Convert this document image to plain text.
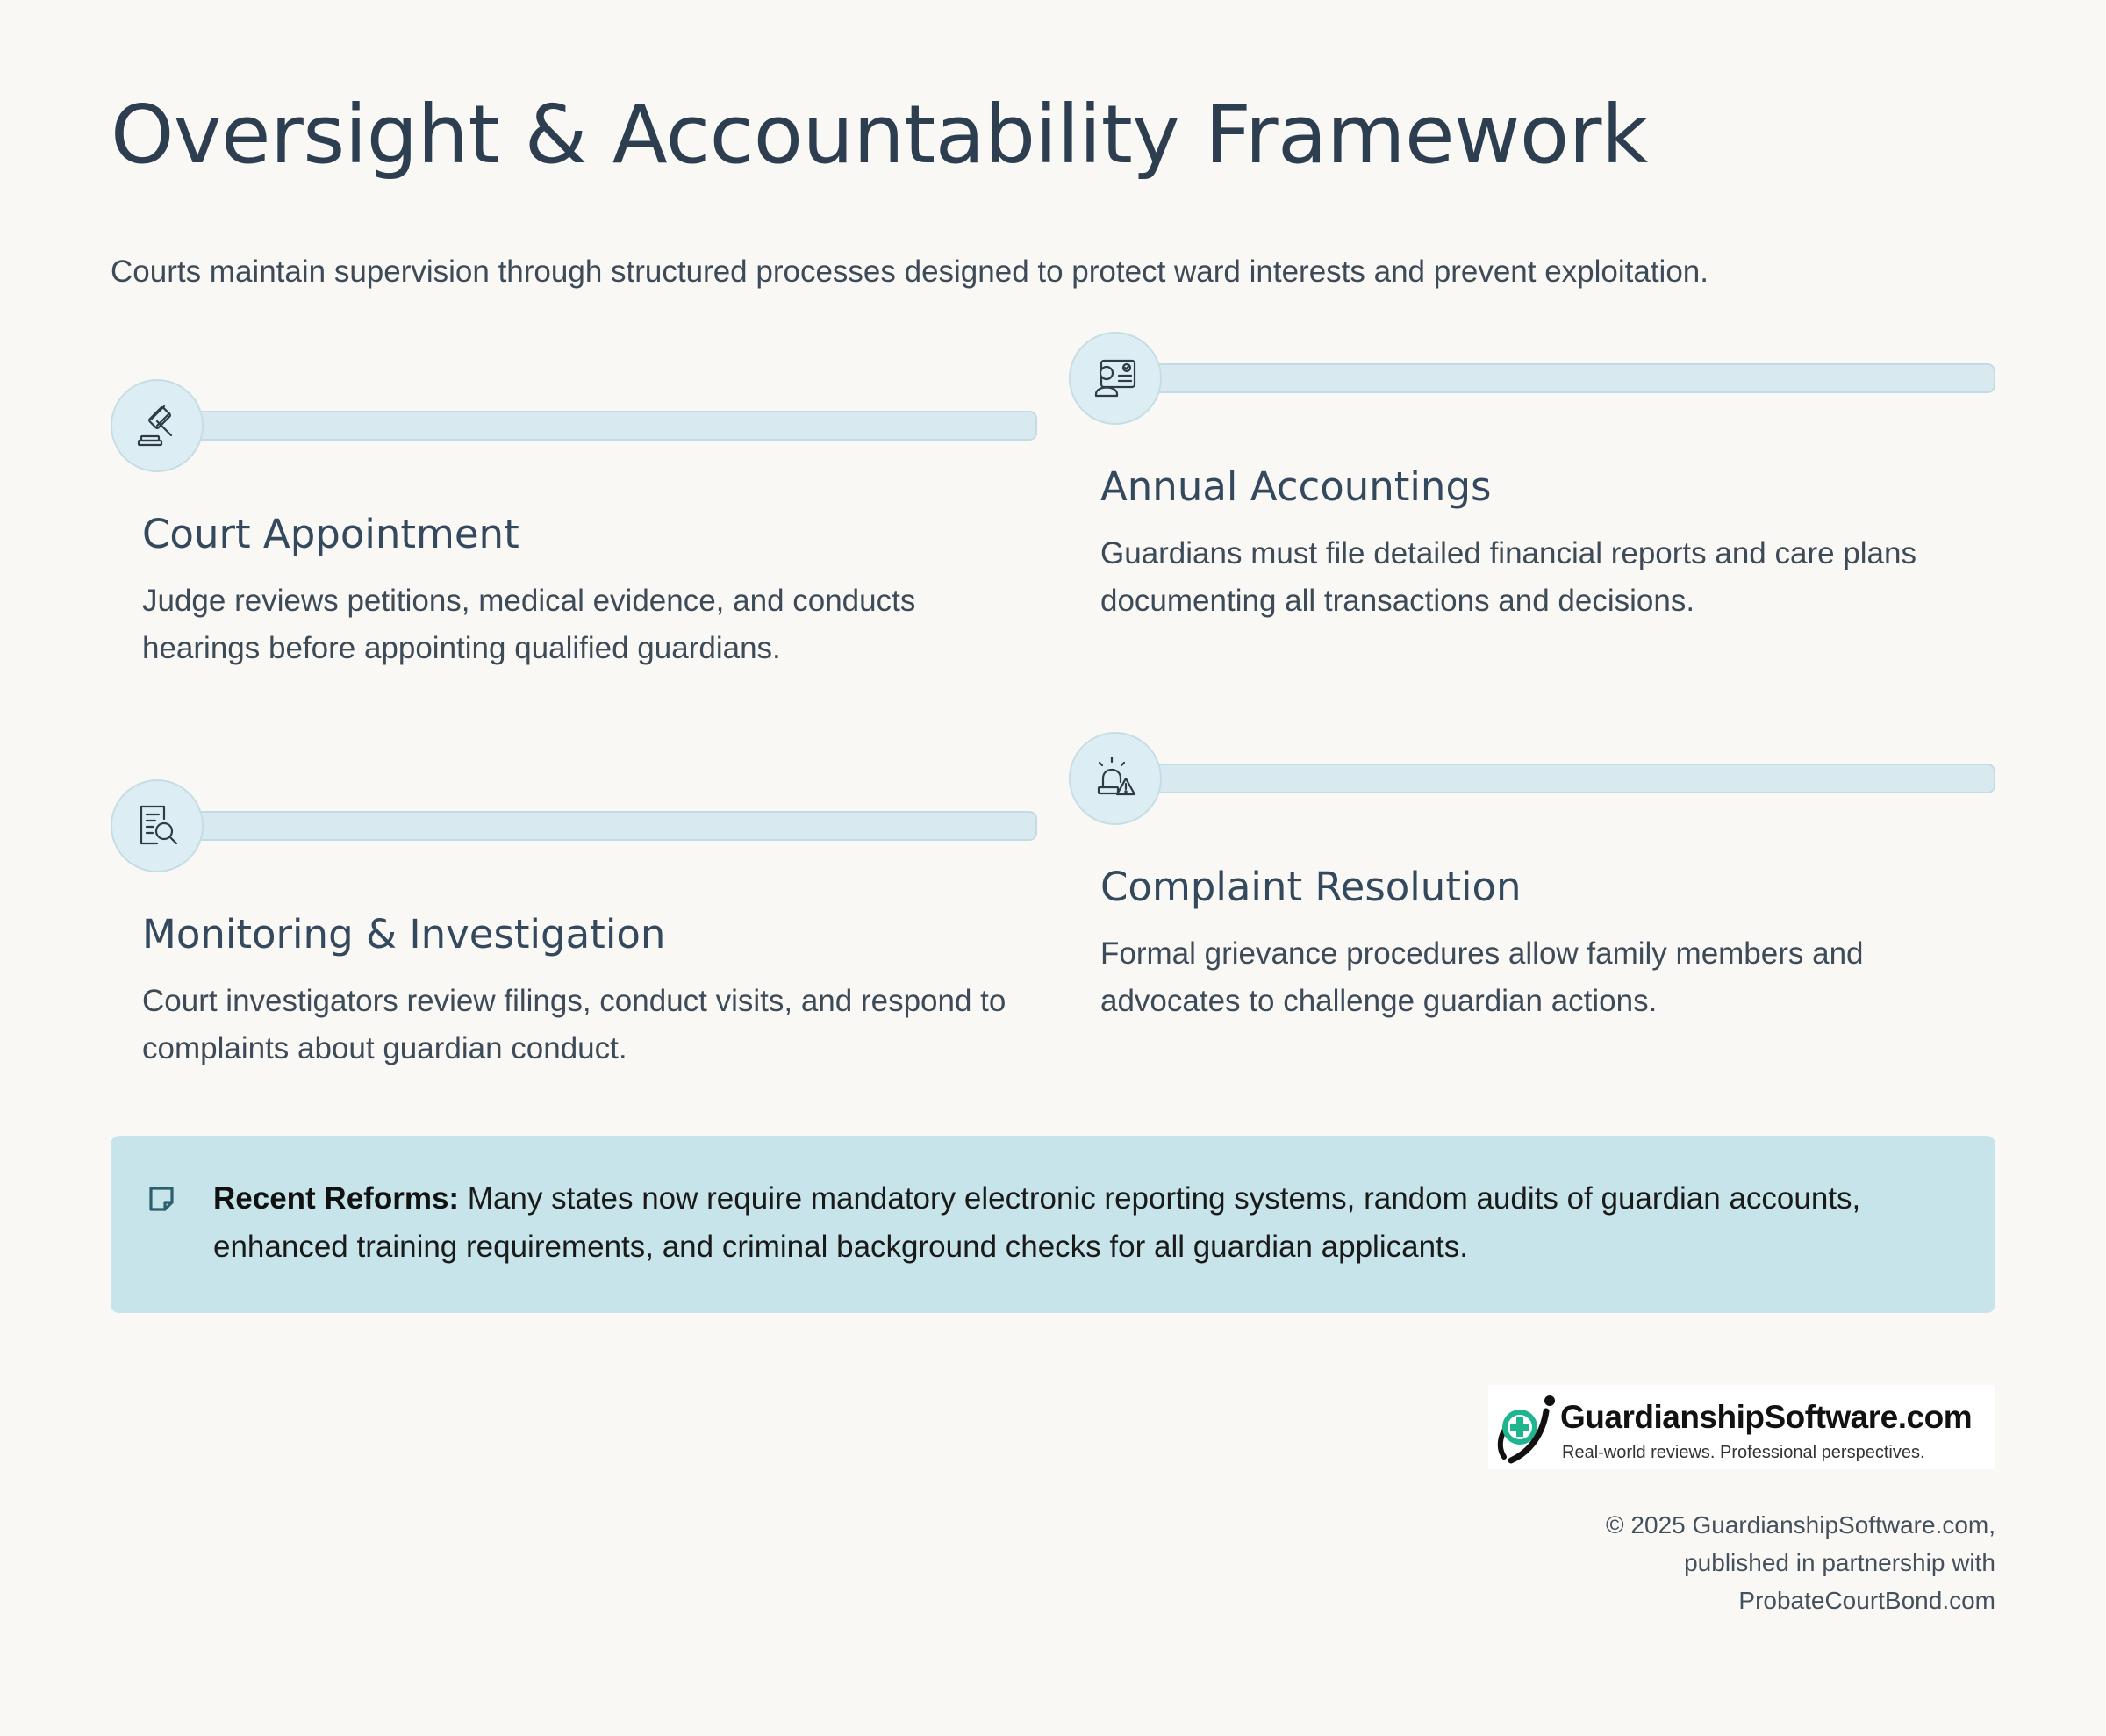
Oversight & Accountability Framework

Courts maintain supervision through structured processes designed to protect ward interests and prevent exploitation.

Court Appointment

Judge reviews petitions, medical evidence, and conducts hearings before appointing qualified guardians.

Annual Accountings

Guardians must file detailed financial reports and care plans documenting all transactions and decisions.

Monitoring & Investigation

Court investigators review filings, conduct visits, and respond to complaints about guardian conduct.

Complaint Resolution

Formal grievance procedures allow family members and advocates to challenge guardian actions.

Recent Reforms: Many states now require mandatory electronic reporting systems, random audits of guardian accounts, enhanced training requirements, and criminal background checks for all guardian applicants.

GuardianshipSoftware.com
Real-world reviews. Professional perspectives.
© 2025 GuardianshipSoftware.com,
published in partnership with
ProbateCourtBond.com
